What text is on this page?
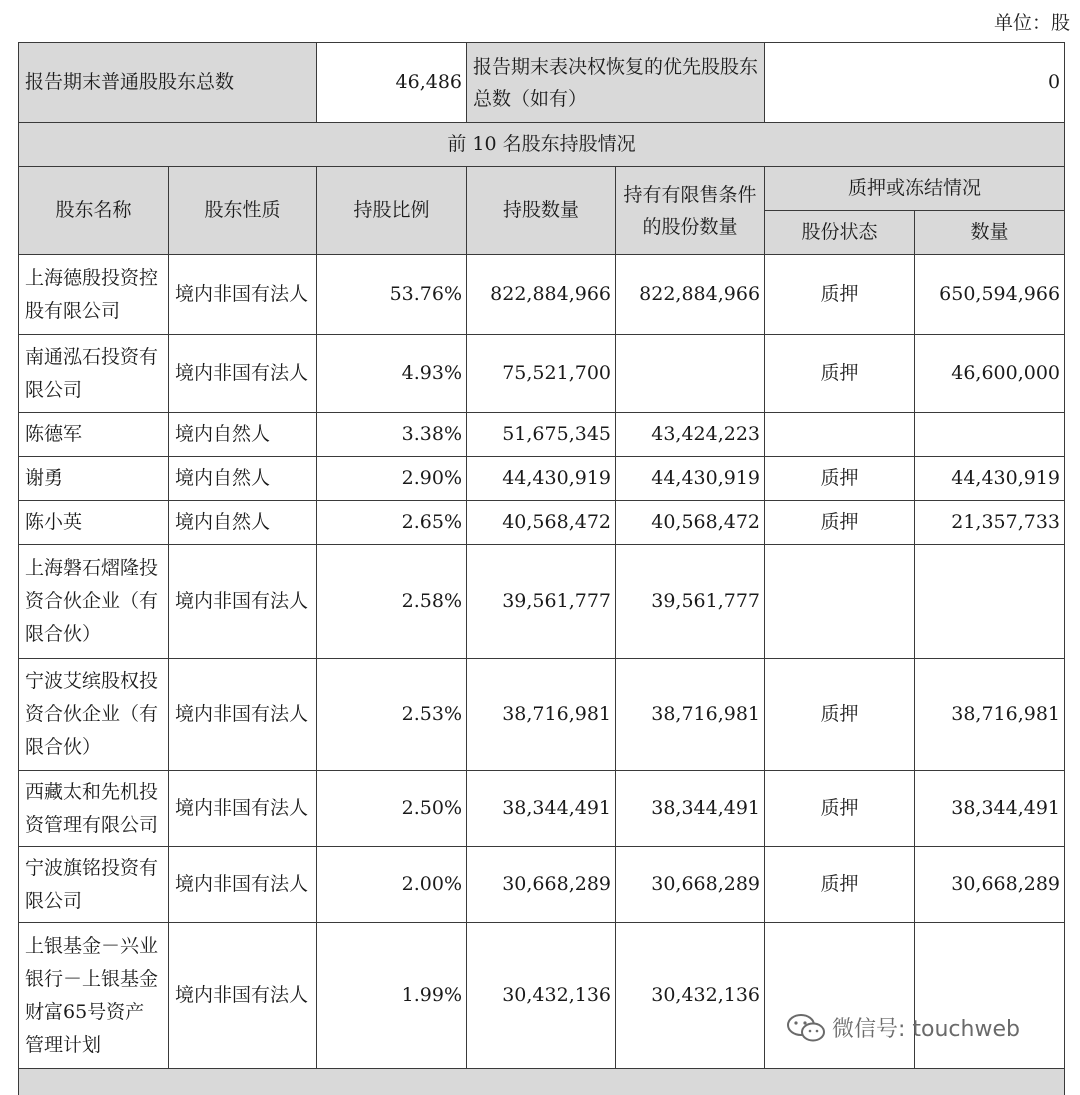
单位：股
报告期末普通股股东总数		46,486	报告期末表决权恢复的优先股股东总数（如有）		0	
前 10 名股东持股情况						
股东名称	股东性质	持股比例	持股数量	持有有限售条件的股份数量	质押或冻结情况	
					股份状态	数量
上海德殷投资控股有限公司	境内非国有法人	53.76%	822,884,966	822,884,966	质押	650,594,966
南通泓石投资有限公司	境内非国有法人	4.93%	75,521,700		质押	46,600,000
陈德军	境内自然人	3.38%	51,675,345	43,424,223		
谢勇	境内自然人	2.90%	44,430,919	44,430,919	质押	44,430,919
陈小英	境内自然人	2.65%	40,568,472	40,568,472	质押	21,357,733
上海磐石熠隆投资合伙企业（有限合伙）	境内非国有法人	2.58%	39,561,777	39,561,777		
宁波艾缤股权投资合伙企业（有限合伙）	境内非国有法人	2.53%	38,716,981	38,716,981	质押	38,716,981
西藏太和先机投资管理有限公司	境内非国有法人	2.50%	38,344,491	38,344,491	质押	38,344,491
宁波旗铭投资有限公司	境内非国有法人	2.00%	30,668,289	30,668,289	质押	30,668,289
上银基金－兴业银行－上银基金财富65号资产管理计划	境内非国有法人	1.99%	30,432,136	30,432,136		

微信号: touchweb
